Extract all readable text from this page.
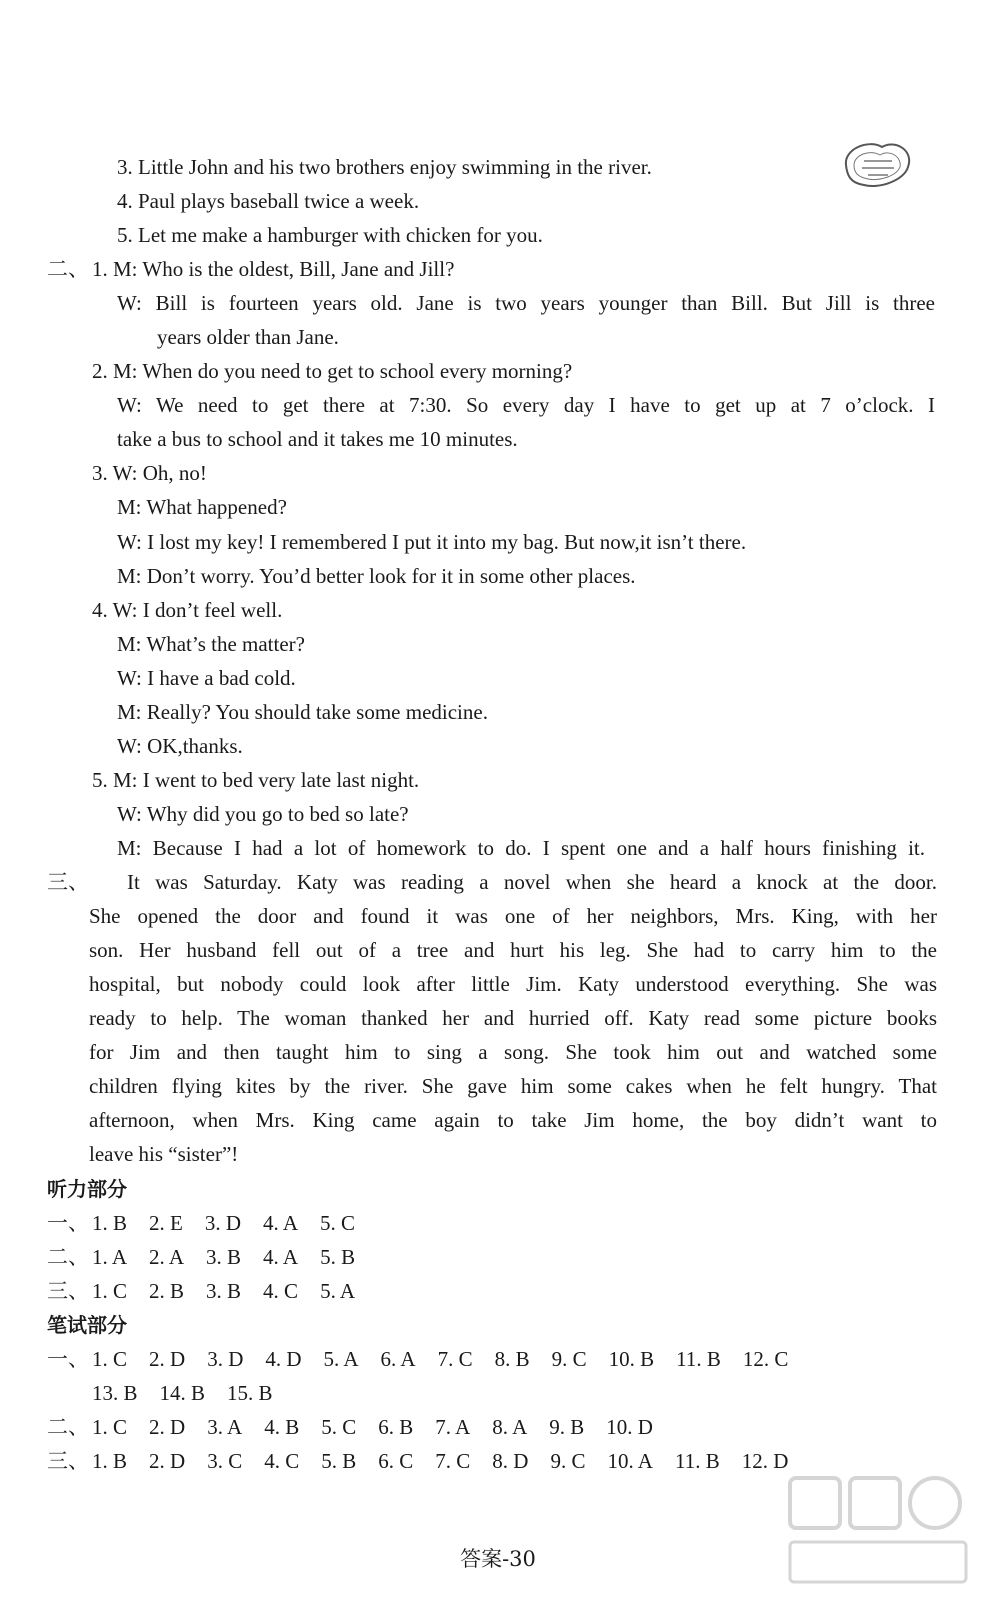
3. Little John and his two brothers enjoy swimming in the river.
4. Paul plays baseball twice a week.
5. Let me make a hamburger with chicken for you.
二、 1. M: Who is the oldest, Bill, Jane and Jill?
W: Bill is fourteen years old. Jane is two years younger than Bill. But Jill is three
years older than Jane.
2. M: When do you need to get to school every morning?
W: We need to get there at 7:30. So every day I have to get up at 7 o’clock. I
take a bus to school and it takes me 10 minutes.
3. W: Oh, no!
M: What happened?
W: I lost my key! I remembered I put it into my bag. But now,it isn’t there.
M: Don’t worry. You’d better look for it in some other places.
4. W: I don’t feel well.
M: What’s the matter?
W: I have a bad cold.
M: Really? You should take some medicine.
W: OK,thanks.
5. M: I went to bed very late last night.
W: Why did you go to bed so late?
M: Because I had a lot of homework to do. I spent one and a half hours finishing it.
三、 It was Saturday. Katy was reading a novel when she heard a knock at the door.
She opened the door and found it was one of her neighbors, Mrs. King, with her
son. Her husband fell out of a tree and hurt his leg. She had to carry him to the
hospital, but nobody could look after little Jim. Katy understood everything. She was
ready to help. The woman thanked her and hurried off. Katy read some picture books
for Jim and then taught him to sing a song. She took him out and watched some
children flying kites by the river. She gave him some cakes when he felt hungry. That
afternoon, when Mrs. King came again to take Jim home, the boy didn’t want to
leave his “sister”!
听力部分
一、 1. B 2. E 3. D 4. A 5. C
二、 1. A 2. A 3. B 4. A 5. B
三、 1. C 2. B 3. B 4. C 5. A
笔试部分
一、 1. C 2. D 3. D 4. D 5. A 6. A 7. C 8. B 9. C 10. B 11. B 12. C
13. B 14. B 15. B
二、 1. C 2. D 3. A 4. B 5. C 6. B 7. A 8. A 9. B 10. D
三、 1. B 2. D 3. C 4. C 5. B 6. C 7. C 8. D 9. C 10. A 11. B 12. D
答案-30
